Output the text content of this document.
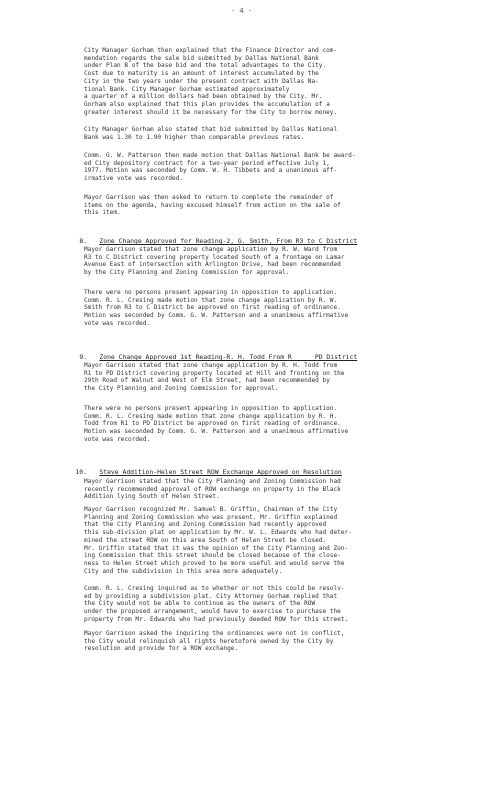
- 4 -
City Manager Gorham then explained that the Finance Director and com-
mendation regards the sale bid submitted by Dallas National Bank
under Plan B of the base bid and the total advantages to the City.
Cost due to maturity is an amount of interest accumulated by the
City in the two years under the present contract with Dallas Na-
tional Bank. City Manager Gorham estimated approximately
a quarter of a million dollars had been obtained by the City. Mr.
Gorham also explained that this plan provides the accumulation of a
greater interest should it be necessary for the City to borrow money.
City Manager Gorham also stated that bid submitted by Dallas National
Bank was 1.30 to 1.90 higher than comparable previous rates.
Comm. G. W. Patterson then made motion that Dallas National Bank be award-
ed City depository contract for a two-year period effective July 1,
1977. Motion was seconded by Comm. W. H. Tibbets and a unanimous aff-
irmative vote was recorded.
Mayor Garrison was then asked to return to complete the remainder of
items on the agenda, having excused himself from action on the sale of
this item.

8. Zone Change Approved for Reading-2, G. Smith, From R3 to C District

Mayor Garrison stated that zone change application by R. W. Ward from
R3 to C District covering property located South of a frontage on Lamar
Avenue East of intersection with Arlington Drive, had been recommended
by the City Planning and Zoning Commission for approval.
There were no persons present appearing in opposition to application.
Comm. R. L. Cresing made motion that zone change application by R. W.
Smith from R3 to C District be approved on first reading of ordinance.
Motion was seconded by Comm. G. W. Patterson and a unanimous affirmative
vote was recorded.

9. Zone Change Approved 1st Reading-R. H. Todd From R_____ PD District

Mayor Garrison stated that zone change application by R. H. Todd from
R1 to PD District covering property located at Hill and fronting on the
29th Road of Walnut and West of Elm Street, had been recommended by
the City Planning and Zoning Commission for approval.
There were no persons present appearing in opposition to application.
Comm. R. L. Cresing made motion that zone change application by R. H.
Todd from R1 to PD District be approved on first reading of ordinance.
Motion was seconded by Comm. G. W. Patterson and a unanimous affirmative
vote was recorded.

10. Steve Addition-Helen Street ROW Exchange Approved on Resolution

Mayor Garrison stated that the City Planning and Zoning Commission had
recently recommended approval of ROW exchange on property in the Black
Addition lying South of Helen Street.
Mayor Garrison recognized Mr. Samuel B. Griffin, Chairman of the City
Planning and Zoning Commission who was present. Mr. Griffin explained
that the City Planning and Zoning Commission had recently approved
this sub-division plat on application by Mr. W. L. Edwards who had deter-
mined the street ROW on this area South of Helen Street be closed.
Mr. Griffin stated that it was the opinion of the City Planning and Zon-
ing Commission that this street should be closed because of the close-
ness to Helen Street which proved to be more useful and would serve the
City and the subdivision in this area more adequately.
Comm. R. L. Cresing inquired as to whether or not this could be resolv-
ed by providing a subdivision plat. City Attorney Gorham replied that
the City would not be able to continue as the owners of the ROW
under the proposed arrangement, would have to exercise to purchase the
property from Mr. Edwards who had previously deeded ROW for this street.
Mayor Garrison asked the inquiring the ordinances were not in conflict,
the City would relinquish all rights heretofore owned by the City by
resolution and provide for a ROW exchange.
